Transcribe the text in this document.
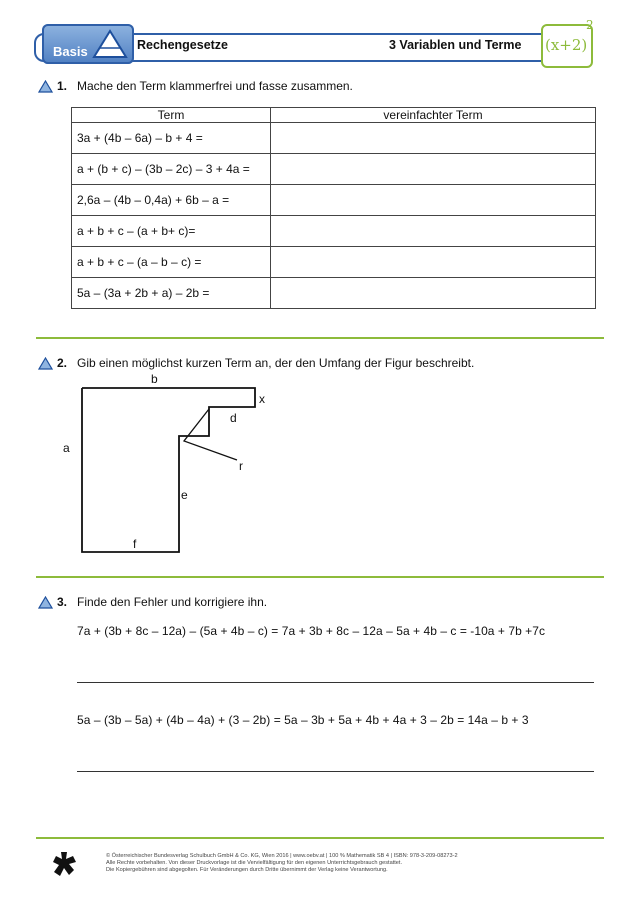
Basis	Rechengesetze	3 Variablen und Terme (x+2)
2
1. Mache den Term klammerfrei und fasse zusammen.
Term	vereinfachter Term
3a + (4b – 6a) – b + 4 =	
a + (b + c) – (3b – 2c) – 3 + 4a =	
2,6a – (4b – 0,4a) + 6b – a =	
a + b + c – (a + b+ c)=	
a + b + c – (a – b – c) =	
5a – (3a + 2b + a) – 2b =	
2. Gib einen möglichst kurzen Term an, der den Umfang der Figur beschreibt.
b
x
d
a
r
e
f
3. Finde den Fehler und korrigiere ihn.
7a + (3b + 8c – 12a) – (5a + 4b – c) = 7a + 3b + 8c – 12a – 5a + 4b – c = -10a + 7b +7c
5a – (3b – 5a) + (4b – 4a) + (3 – 2b) = 5a – 3b + 5a + 4b + 4a + 3 – 2b = 14a – b + 3
© Österreichischer Bundesverlag Schulbuch GmbH & Co. KG, Wien 2016 | www.oebv.at | 100 % Mathematik SB 4 | ISBN: 978-3-209-08273-2
Alle Rechte vorbehalten. Von dieser Druckvorlage ist die Vervielfältigung für den eigenen Unterrichtsgebrauch gestattet.
Die Kopiergebühren sind abgegolten. Für Veränderungen durch Dritte übernimmt der Verlag keine Verantwortung.
